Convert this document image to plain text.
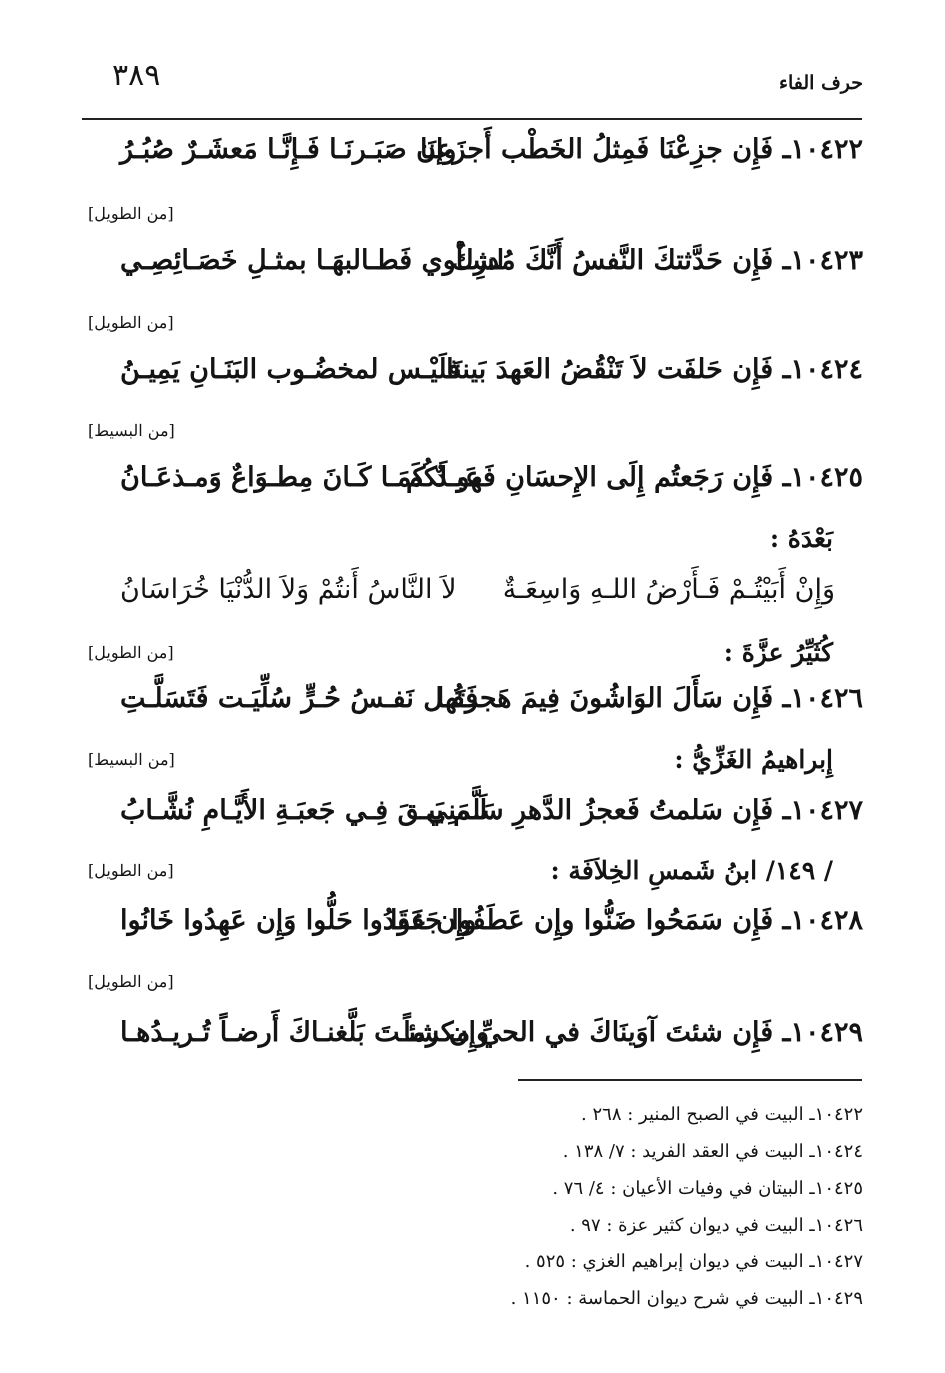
حرف الفاء
٣٨٩
١٠٤٢٢ـ فَإِن جزِعْنَا فَمِثلُ الخَطْب أَجزَعنَا
وإن صَبَـرنَـا فَـإِنَّـا مَعشَـرٌ صُبُـرُ
[من الطويل]
١٠٤٢٣ـ فَإِن حَدَّثتكَ النَّفسُ أَنَّكَ مُدرِكٌ
لشـأوي فَطـالبهَـا بمثـلِ خَصَـائِصِـي
[من الطويل]
١٠٤٢٤ـ فَإِن حَلفَت لاَ تَنْقُضُ العَهدَ بَيننَا
فلَيْـس لمخضُـوب البَنَـانِ يَمِيـنُ
[من البسيط]
١٠٤٢٥ـ فَإِن رَجَعتُم إِلَى الإِحسَانِ فَهو لَكُم
عَبـدٌ كَمَـا كَـانَ مِطـوَاعٌ وَمـذعَـانُ
بَعْدَهُ :
وَإِنْ أَبَيْتُـمْ فَـأَرْضُ اللـهِ وَاسِعَـةٌ
لاَ النَّاسُ أَنتُمْ وَلاَ الدُّنْيَا خُرَاسَانُ
كُثَيِّرُ عزَّةَ :
[من الطويل]
١٠٤٢٦ـ فَإِن سَأَلَ الوَاشُونَ فِيمَ هَجرتَها
فَقُـل نَفـسُ حُـرٍّ سُلِّيَـت فَتَسَلَّـتِ
إِبراهيمُ الغَزِّيُّ :
[من البسيط]
١٠٤٢٧ـ فَإِن سَلمتُ فَعجزُ الدَّهرِ سَلَّمَنِي
لَـم يَبـقَ فِـي جَعبَـةِ الأَيَّـامِ نُشَّـابُ
/ ١٤٩/ ابنُ شَمسِ الخِلاَفَة :
[من الطويل]
١٠٤٢٨ـ فَإِن سَمَحُوا ضَنُّوا وإِن عَطَفُوا جَفَوا
وإِن عَقَدُوا حَلُّوا وَإِن عَهِدُوا خَانُوا
[من الطويل]
١٠٤٢٩ـ فَإِن شئتَ آوَينَاكَ في الحيِّ مكرماً
وإِن شئـتَ بَلَّغنـاكَ أَرضـاً تُـريـدُهـا
١٠٤٢٢ـ البيت في الصبح المنير : ٢٦٨ .
١٠٤٢٤ـ البيت في العقد الفريد : ٧/ ١٣٨ .
١٠٤٢٥ـ البيتان في وفيات الأعيان : ٤/ ٧٦ .
١٠٤٢٦ـ البيت في ديوان كثير عزة : ٩٧ .
١٠٤٢٧ـ البيت في ديوان إبراهيم الغزي : ٥٢٥ .
١٠٤٢٩ـ البيت في شرح ديوان الحماسة : ١١٥٠ .
